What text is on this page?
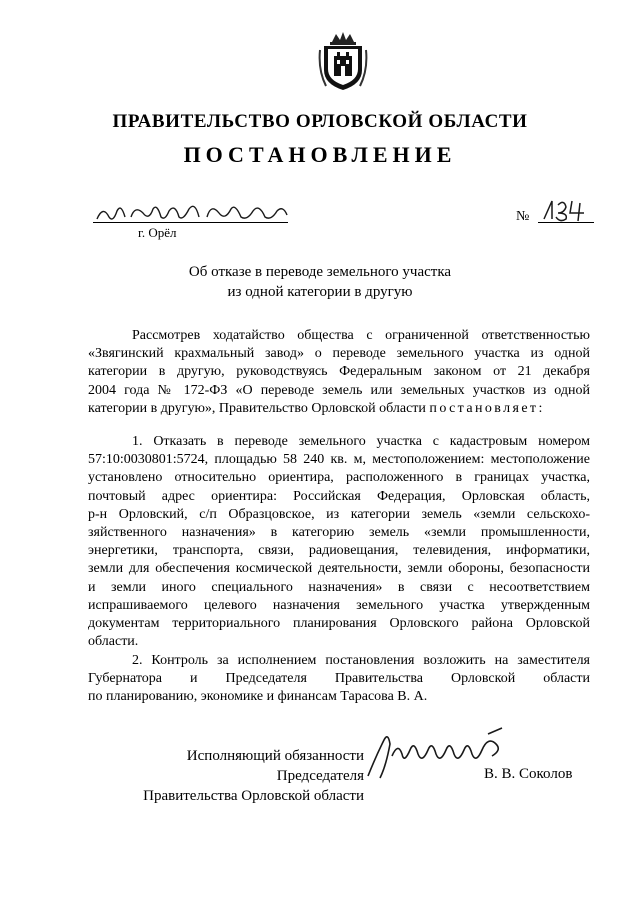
ПРАВИТЕЛЬСТВО ОРЛОВСКОЙ ОБЛАСТИ
ПОСТАНОВЛЕНИЕ
г. Орёл
№
Об отказе в переводе земельного участка
из одной категории в другую
Рассмотрев ходатайство общества с ограниченной ответственностью
«Звягинский крахмальный завод» о переводе земельного участка из одной
категории в другую, руководствуясь Федеральным законом от 21 декабря
2004 года № 172-ФЗ «О переводе земель или земельных участков из одной
категории в другую», Правительство Орловской области постановляет:
1. Отказать в переводе земельного участка с кадастровым номером
57:10:0030801:5724, площадью 58 240 кв. м, местоположением: местоположение
установлено относительно ориентира, расположенного в границах участка,
почтовый адрес ориентира: Российская Федерация, Орловская область,
р-н Орловский, с/п Образцовское, из категории земель «земли сельскохо-
зяйственного назначения» в категорию земель «земли промышленности,
энергетики, транспорта, связи, радиовещания, телевидения, информатики,
земли для обеспечения космической деятельности, земли обороны, безопасности
и земли иного специального назначения» в связи с несоответствием
испрашиваемого целевого назначения земельного участка утвержденным
документам территориального планирования Орловского района Орловской
области.
2. Контроль за исполнением постановления возложить на заместителя
Губернатора и Председателя Правительства Орловской области
по планированию, экономике и финансам Тарасова В. А.
Исполняющий обязанности Председателя
Правительства Орловской области
В. В. Соколов
